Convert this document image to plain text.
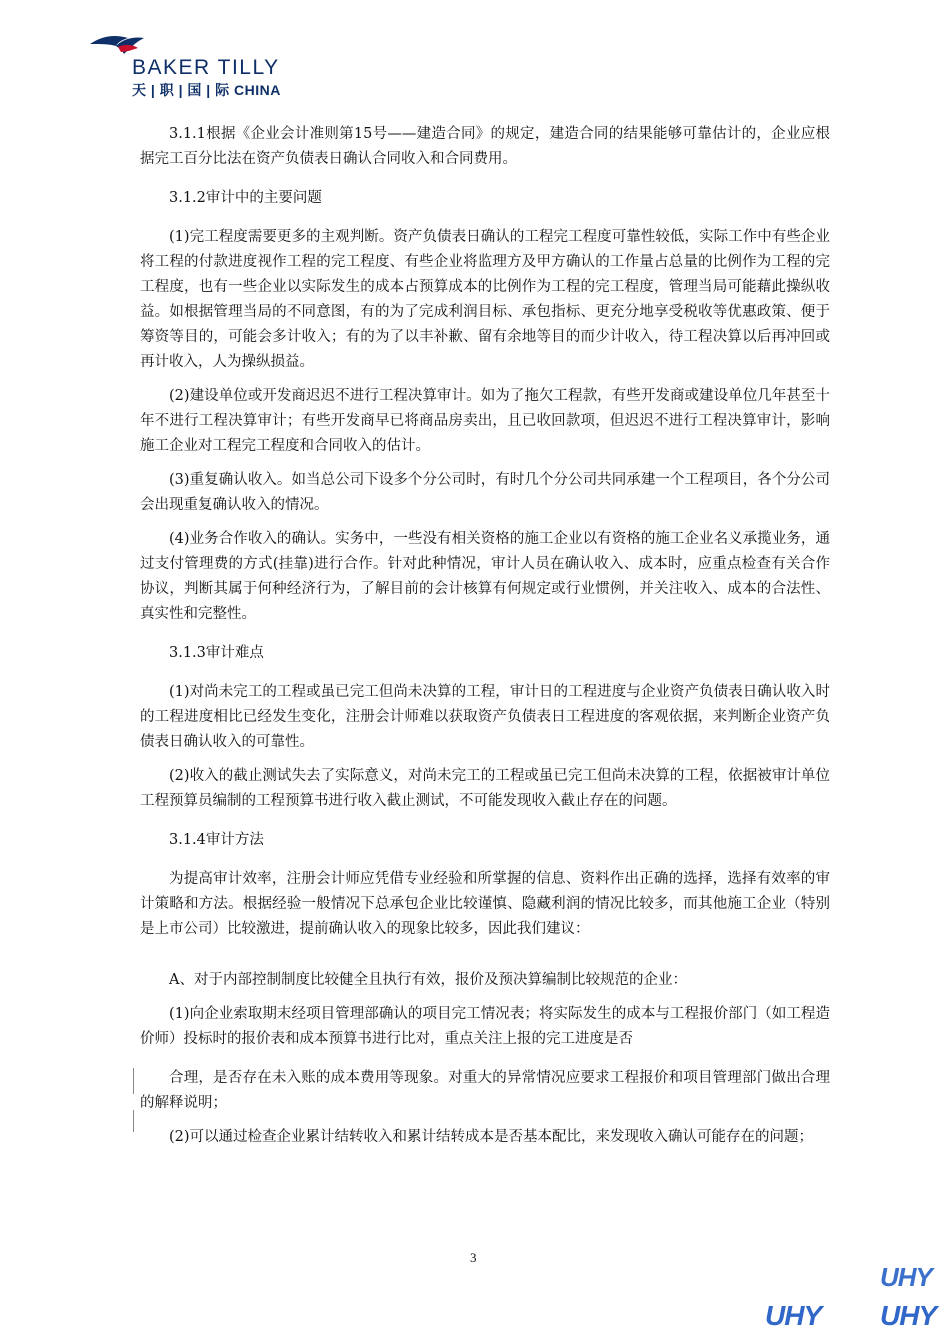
BAKER TILLY
天 | 职 | 国 | 际 CHINA

3.1.1根据《企业会计准则第15号——建造合同》的规定，建造合同的结果能够可靠估计的，企业应根据完工百分比法在资产负债表日确认合同收入和合同费用。

3.1.2审计中的主要问题

(1)完工程度需要更多的主观判断。资产负债表日确认的工程完工程度可靠性较低，实际工作中有些企业将工程的付款进度视作工程的完工程度、有些企业将监理方及甲方确认的工作量占总量的比例作为工程的完工程度，也有一些企业以实际发生的成本占预算成本的比例作为工程的完工程度，管理当局可能藉此操纵收益。如根据管理当局的不同意图，有的为了完成利润目标、承包指标、更充分地享受税收等优惠政策、便于筹资等目的，可能会多计收入；有的为了以丰补歉、留有余地等目的而少计收入，待工程决算以后再冲回或再计收入，人为操纵损益。

(2)建设单位或开发商迟迟不进行工程决算审计。如为了拖欠工程款，有些开发商或建设单位几年甚至十年不进行工程决算审计；有些开发商早已将商品房卖出，且已收回款项，但迟迟不进行工程决算审计，影响施工企业对工程完工程度和合同收入的估计。

(3)重复确认收入。如当总公司下设多个分公司时，有时几个分公司共同承建一个工程项目，各个分公司会出现重复确认收入的情况。

(4)业务合作收入的确认。实务中，一些没有相关资格的施工企业以有资格的施工企业名义承揽业务，通过支付管理费的方式(挂靠)进行合作。针对此种情况，审计人员在确认收入、成本时，应重点检查有关合作协议，判断其属于何种经济行为，了解目前的会计核算有何规定或行业惯例，并关注收入、成本的合法性、真实性和完整性。

3.1.3审计难点

(1)对尚未完工的工程或虽已完工但尚未决算的工程，审计日的工程进度与企业资产负债表日确认收入时的工程进度相比已经发生变化，注册会计师难以获取资产负债表日工程进度的客观依据，来判断企业资产负债表日确认收入的可靠性。

(2)收入的截止测试失去了实际意义，对尚未完工的工程或虽已完工但尚未决算的工程，依据被审计单位工程预算员编制的工程预算书进行收入截止测试，不可能发现收入截止存在的问题。

3.1.4审计方法

为提高审计效率，注册会计师应凭借专业经验和所掌握的信息、资料作出正确的选择，选择有效率的审计策略和方法。根据经验一般情况下总承包企业比较谨慎、隐藏利润的情况比较多，而其他施工企业（特别是上市公司）比较激进，提前确认收入的现象比较多，因此我们建议：

A、对于内部控制制度比较健全且执行有效，报价及预决算编制比较规范的企业：

(1)向企业索取期末经项目管理部确认的项目完工情况表；将实际发生的成本与工程报价部门（如工程造价师）投标时的报价表和成本预算书进行比对，重点关注上报的完工进度是否

合理，是否存在未入账的成本费用等现象。对重大的异常情况应要求工程报价和项目管理部门做出合理的解释说明；

(2)可以通过检查企业累计结转收入和累计结转成本是否基本配比，来发现收入确认可能存在的问题；

3
UHY
UHY UHY
